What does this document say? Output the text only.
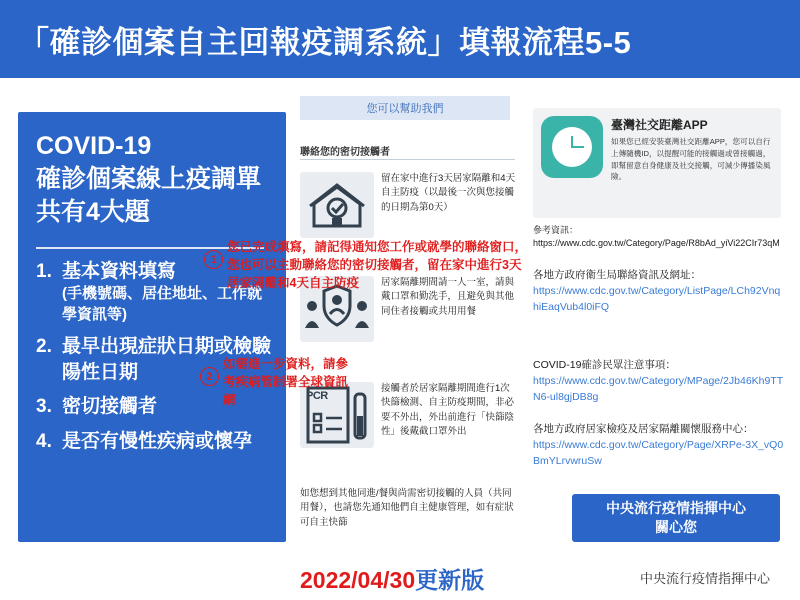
「確診個案自主回報疫調系統」填報流程5-5
COVID-19
確診個案線上疫調單
共有4大題
1. 基本資料填寫
(手機號碼、居住地址、工作就學資訊等)
2. 最早出現症狀日期或檢驗陽性日期
3. 密切接觸者
4. 是否有慢性疾病或懷孕
您可以幫助我們
聯絡您的密切接觸者
留在家中進行3天居家隔離和4天自主防疫（以最後一次與您接觸的日期為第0天）
居家隔離期間請一人一室，請與戴口罩和勤洗手，且避免與其他同住者接觸或共用用餐
PCR
接觸者於居家隔離期間進行1次快篩檢測、自主防疫期間，非必要不外出，外出前進行「快篩陰性」後戴截口罩外出
如您想到其他同進/餐與尚需密切接觸的人員（共同用餐），也請您先通知他們自主健康管理，如有症狀可自主快篩
1
您已完成填寫，請記得通知您工作或就學的聯絡窗口，您也可以主動聯絡您的密切接觸者，留在家中進行3天居家隔離和4天自主防疫
2
如需進一步資料，請參考疾病管制署全球資訊網
臺灣社交距離APP
如果您已經安裝臺灣社交距離APP，您可以自行上傳隨機ID，以提醒可能的接觸過或曾接觸過，即幫留意自身健康及社交接觸，可減少傳播染風險。
參考資訊：
https://www.cdc.gov.tw/Category/Page/R8bAd_yiVi22CIr73qM
各地方政府衛生局聯絡資訊及網址：
https://www.cdc.gov.tw/Category/ListPage/LCh92VnqhiEaqVub4l0iFQ
COVID-19確診民眾注意事項：
https://www.cdc.gov.tw/Category/MPage/2Jb46Kh9TTN6-ul8gjDB8g
各地方政府居家檢疫及居家隔離關懷服務中心：
https://www.cdc.gov.tw/Category/Page/XRPe-3X_vQ0BmYLrvwruSw
中央流行疫情指揮中心
關心您
2022/04/30更新版	中央流行疫情指揮中心
